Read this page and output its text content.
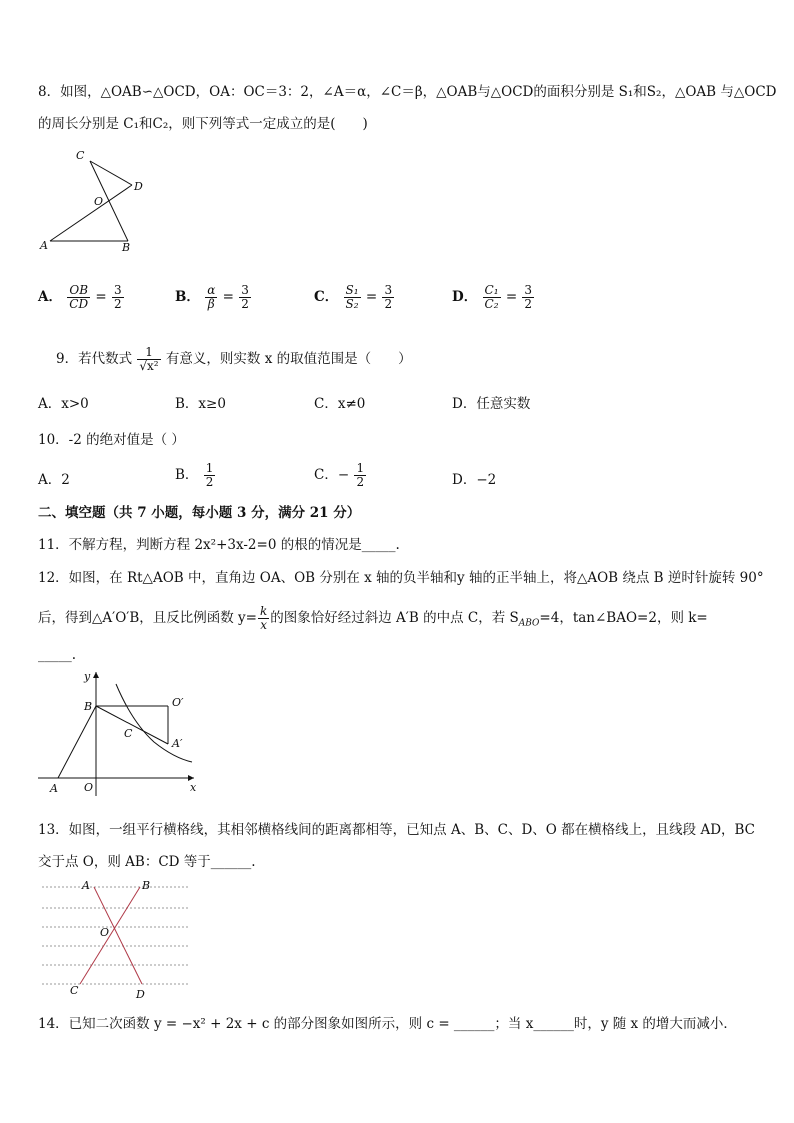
8．如图，△OAB∽△OCD，OA：OC＝3：2，∠A＝α，∠C＝β，△OAB与△OCD的面积分别是 S₁和S₂，△OAB 与△OCD
的周长分别是 C₁和C₂，则下列等式一定成立的是(　　)
C
D
O
A	B
A． $\frac{OB}{CD} = \frac{3}{2}$	B． $\frac{\alpha}{\beta} = \frac{3}{2}$	C． $\frac{\text{S₁}}{\text{S₂}} = \frac{3}{2}$	D． $\frac{\text{C₁}}{\text{C₂}} = \frac{3}{2}$
9．若代数式 $\frac{1}{\text{√x²}}$ 有意义，则实数 x 的取值范围是（　　）
A．x>0	B．x≥0	C．x≠0	D．任意实数
10．-2 的绝对值是（ ）
A．2	B． $\frac{1}{2}$	C．− $\frac{1}{2}$	D．−2
二、填空题（共 7 小题，每小题 3 分，满分 21 分）
11．不解方程，判断方程 2x²+3x-2=0 的根的情况是_____.
12．如图，在 Rt△AOB 中，直角边 OA、OB 分别在 x 轴的负半轴和y 轴的正半轴上，将△AOB 绕点 B 逆时针旋转 90°
后，得到△A′O′B，且反比例函数 $y= \frac{k}{x}$ 的图象恰好经过斜边 A′B 的中点 C，若 $S_{ABO}=4$，tan∠BAO=2，则 k=
_____.
y
B	O′
C
A′
A O	x
13．如图，一组平行横格线，其相邻横格线间的距离都相等，已知点 A、B、C、D、O 都在横格线上，且线段 AD，BC
交于点 O，则 AB：CD 等于______.
A	B
O
C	D
14．已知二次函数 y = −x² + 2x + c 的部分图象如图所示，则 c = ______；当 x______时，y 随 x 的增大而减小．
